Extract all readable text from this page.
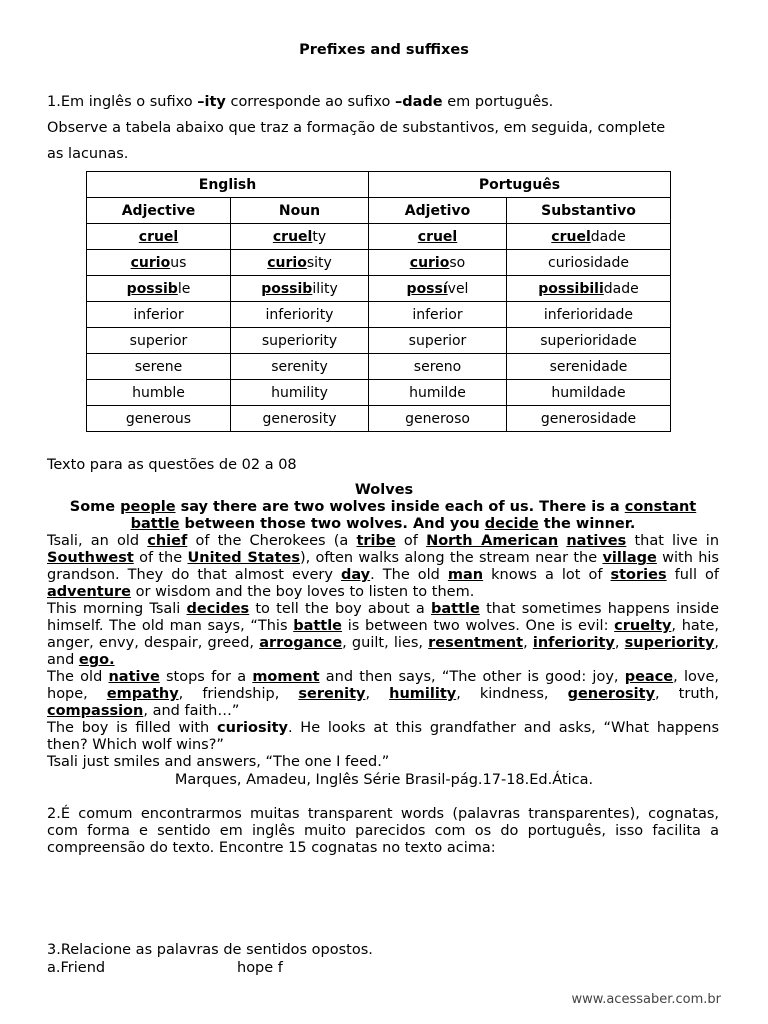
Prefixes and suffixes
1.Em inglês o sufixo –ity corresponde ao sufixo –dade em português.
Observe a tabela abaixo que traz a formação de substantivos, em seguida, complete
as lacunas.
English		Português	
Adjective	Noun	Adjetivo	Substantivo
cruel	cruelty	cruel	crueldade
curious	curiosity	curioso	curiosidade
possible	possibility	possível	possibilidade
inferior	inferiority	inferior	inferioridade
superior	superiority	superior	superioridade
serene	serenity	sereno	serenidade
humble	humility	humilde	humildade
generous	generosity	generoso	generosidade
Texto para as questões de 02 a 08
Wolves
Some people say there are two wolves inside each of us. There is a constant battle between those two wolves. And you decide the winner.

Tsali, an old chief of the Cherokees (a tribe of North American natives that live in Southwest of the United States), often walks along the stream near the village with his grandson. They do that almost every day. The old man knows a lot of stories full of adventure or wisdom and the boy loves to listen to them.

This morning Tsali decides to tell the boy about a battle that sometimes happens inside himself. The old man says, “This battle is between two wolves. One is evil: cruelty, hate, anger, envy, despair, greed, arrogance, guilt, lies, resentment, inferiority, superiority, and ego.

The old native stops for a moment and then says, “The other is good: joy, peace, love, hope, empathy, friendship, serenity, humility, kindness, generosity, truth, compassion, and faith…”

The boy is filled with curiosity. He looks at this grandfather and asks, “What happens then? Which wolf wins?”

Tsali just smiles and answers, “The one I feed.”

Marques, Amadeu, Inglês Série Brasil-pág.17-18.Ed.Ática.
2.É comum encontrarmos muitas transparent words (palavras transparentes), cognatas, com forma e sentido em inglês muito parecidos com os do português, isso facilita a compreensão do texto. Encontre 15 cognatas no texto acima:
3.Relacione as palavras de sentidos opostos.
a.Friend	hope f
www.acessaber.com.br
